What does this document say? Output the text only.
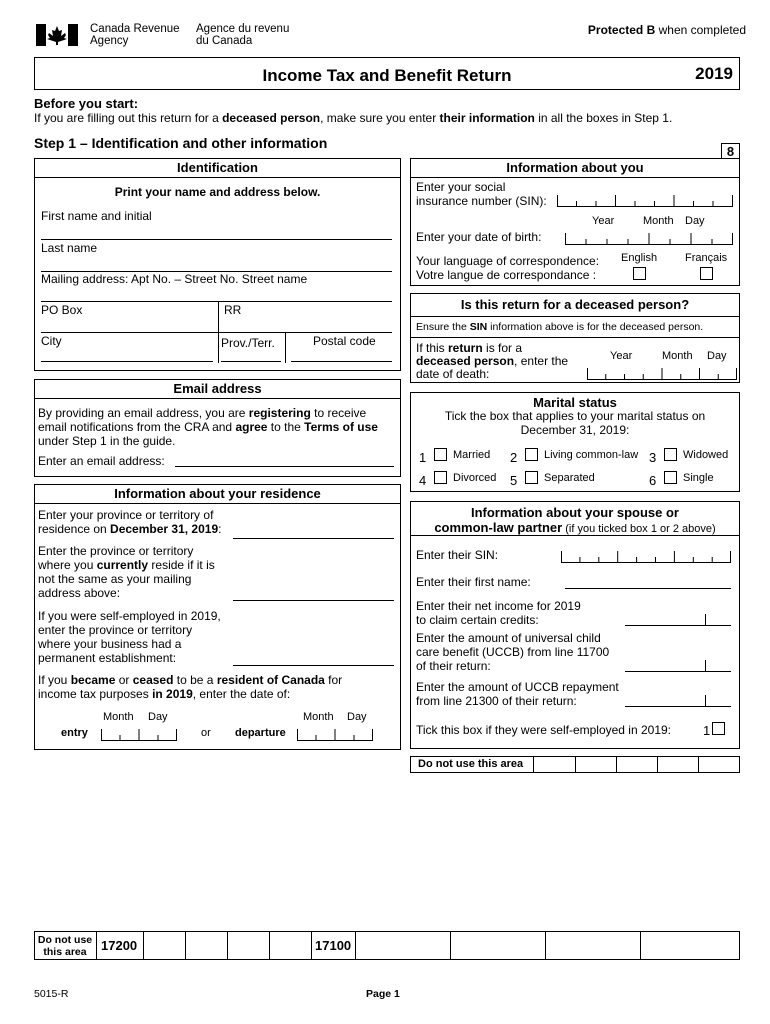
Canada Revenue
Agency
Agence du revenu
du Canada
Protected B when completed
Income Tax and Benefit Return	2019
Before you start:
If you are filling out this return for a deceased person, make sure you enter their information in all the boxes in Step 1.
Step 1 – Identification and other information
8
Identification
Print your name and address below.
First name and initial
Last name
Mailing address: Apt No. – Street No. Street name
PO Box	RR
City	Prov./Terr.	Postal code
Email address
By providing an email address, you are registering to receive
email notifications from the CRA and agree to the Terms of use
under Step 1 in the guide.
Enter an email address:
Information about your residence
Enter your province or territory of
residence on December 31, 2019:
Enter the province or territory
where you currently reside if it is
not the same as your mailing
address above:
If you were self-employed in 2019,
enter the province or territory
where your business had a
permanent establishment:
If you became or ceased to be a resident of Canada for
income tax purposes in 2019, enter the date of:
Month Day
entry	or
Month Day
departure
Information about you
Enter your social
insurance number (SIN):
Year	Month Day
Enter your date of birth:
Your language of correspondence:
Votre langue de correspondance :
English	Français
Is this return for a deceased person?
Ensure the SIN information above is for the deceased person.
If this return is for a
deceased person, enter the
date of death:
Year	Month Day
Marital status
Tick the box that applies to your marital status on
December 31, 2019:
1 Married 2 Living common-law 3 Widowed
4 Divorced 5 Separated	6 Single
Information about your spouse or
common-law partner (if you ticked box 1 or 2 above)
Enter their SIN:
Enter their first name:
Enter their net income for 2019
to claim certain credits:
Enter the amount of universal child
care benefit (UCCB) from line 11700
of their return:
Enter the amount of UCCB repayment
from line 21300 of their return:
Tick this box if they were self-employed in 2019: 1
Do not use this area
Do not use
this area	17200	17100
5015-R	Page 1
